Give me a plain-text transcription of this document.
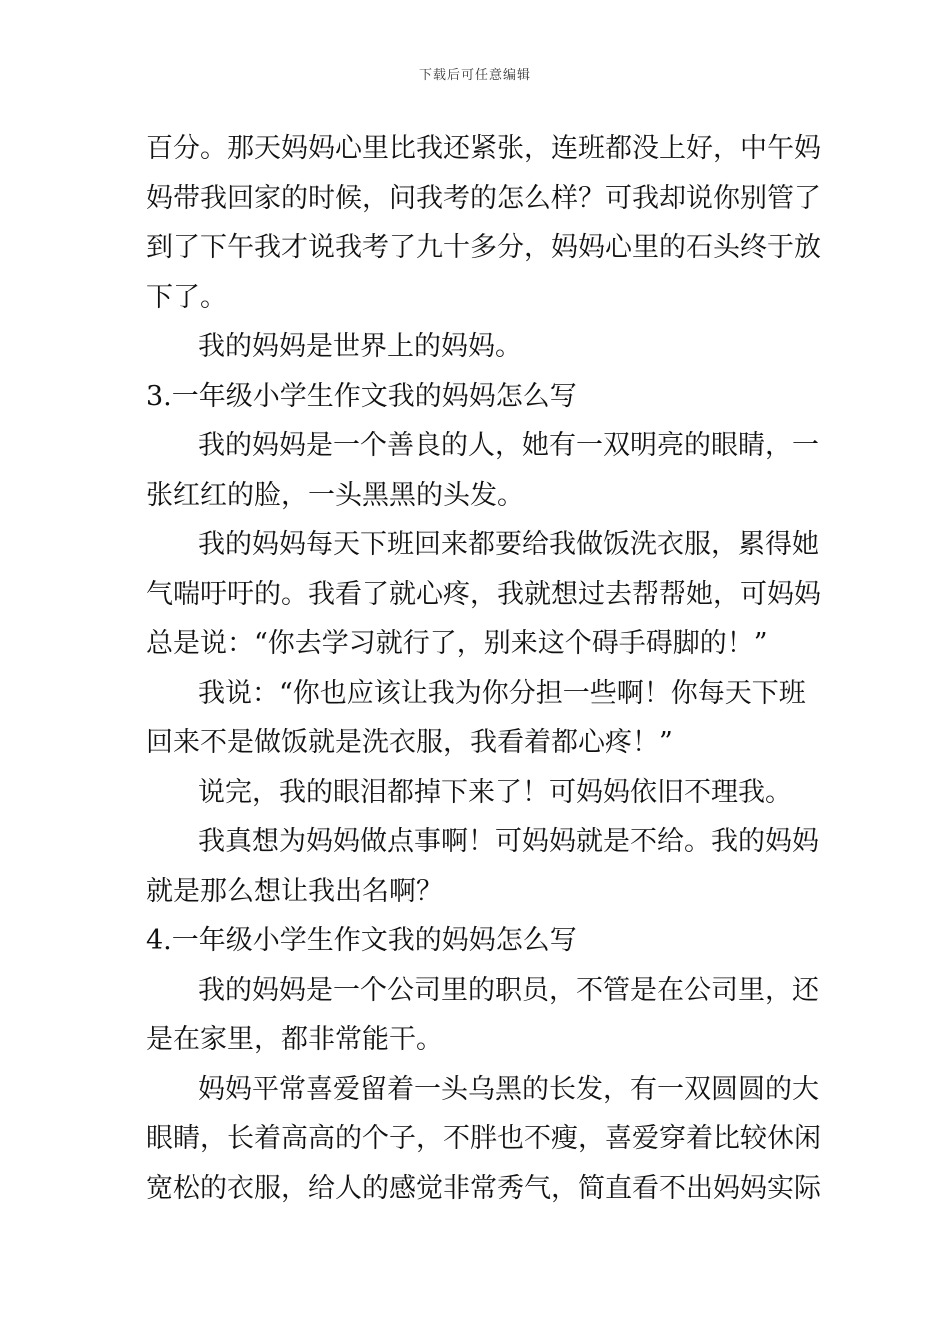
下载后可任意编辑
百分。那天妈妈心里比我还紧张，连班都没上好，中午妈
妈带我回家的时候，问我考的怎么样？可我却说你别管了
到了下午我才说我考了九十多分，妈妈心里的石头终于放
下了。
我的妈妈是世界上的妈妈。
3.一年级小学生作文我的妈妈怎么写
我的妈妈是一个善良的人，她有一双明亮的眼睛，一
张红红的脸，一头黑黑的头发。
我的妈妈每天下班回来都要给我做饭洗衣服，累得她
气喘吁吁的。我看了就心疼，我就想过去帮帮她，可妈妈
总是说：“你去学习就行了，别来这个碍手碍脚的！”
我说：“你也应该让我为你分担一些啊！你每天下班
回来不是做饭就是洗衣服，我看着都心疼！”
说完，我的眼泪都掉下来了！可妈妈依旧不理我。
我真想为妈妈做点事啊！可妈妈就是不给。我的妈妈
就是那么想让我出名啊？
4.一年级小学生作文我的妈妈怎么写
我的妈妈是一个公司里的职员，不管是在公司里，还
是在家里，都非常能干。
妈妈平常喜爱留着一头乌黑的长发，有一双圆圆的大
眼睛，长着高高的个子，不胖也不瘦，喜爱穿着比较休闲
宽松的衣服，给人的感觉非常秀气，简直看不出妈妈实际
